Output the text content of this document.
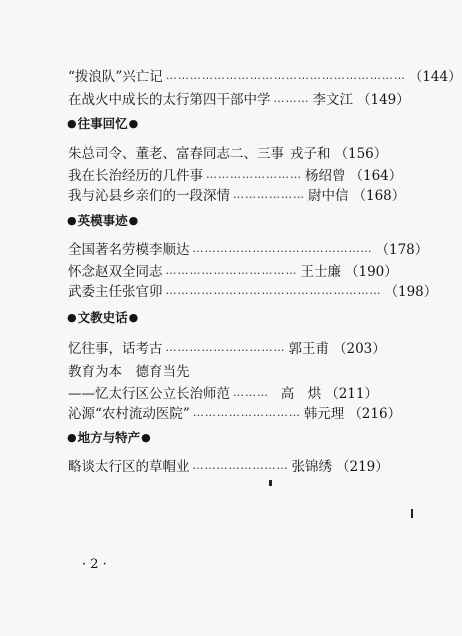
“拨浪队”兴亡记 …………………………………………………… （144）
在战火中成长的太行第四干部中学 ……… 李文江 （149）
● 往事回忆 ●
朱总司令、董老、富春同志二、三事 戎子和 （156）
我在长治经历的几件事 …………………… 杨绍曾 （164）
我与沁县乡亲们的一段深情 ……………… 尉中信 （168）
● 英模事迹 ●
全国著名劳模李顺达 ……………………………………… （178）
怀念赵双全同志 …………………………… 王士廉 （190）
武委主任张官卯 ……………………………………………… （198）
● 文教史话 ●
忆往事，话考古 ………………………… 郭王甫 （203）
教育为本　德育当先
——忆太行区公立长治师范 ……… 高　烘 （211）
沁源“农村流动医院” ……………………… 韩元理 （216）
● 地方与特产 ●
略谈太行区的草帽业 …………………… 张锦绣 （219）
· 2 ·
